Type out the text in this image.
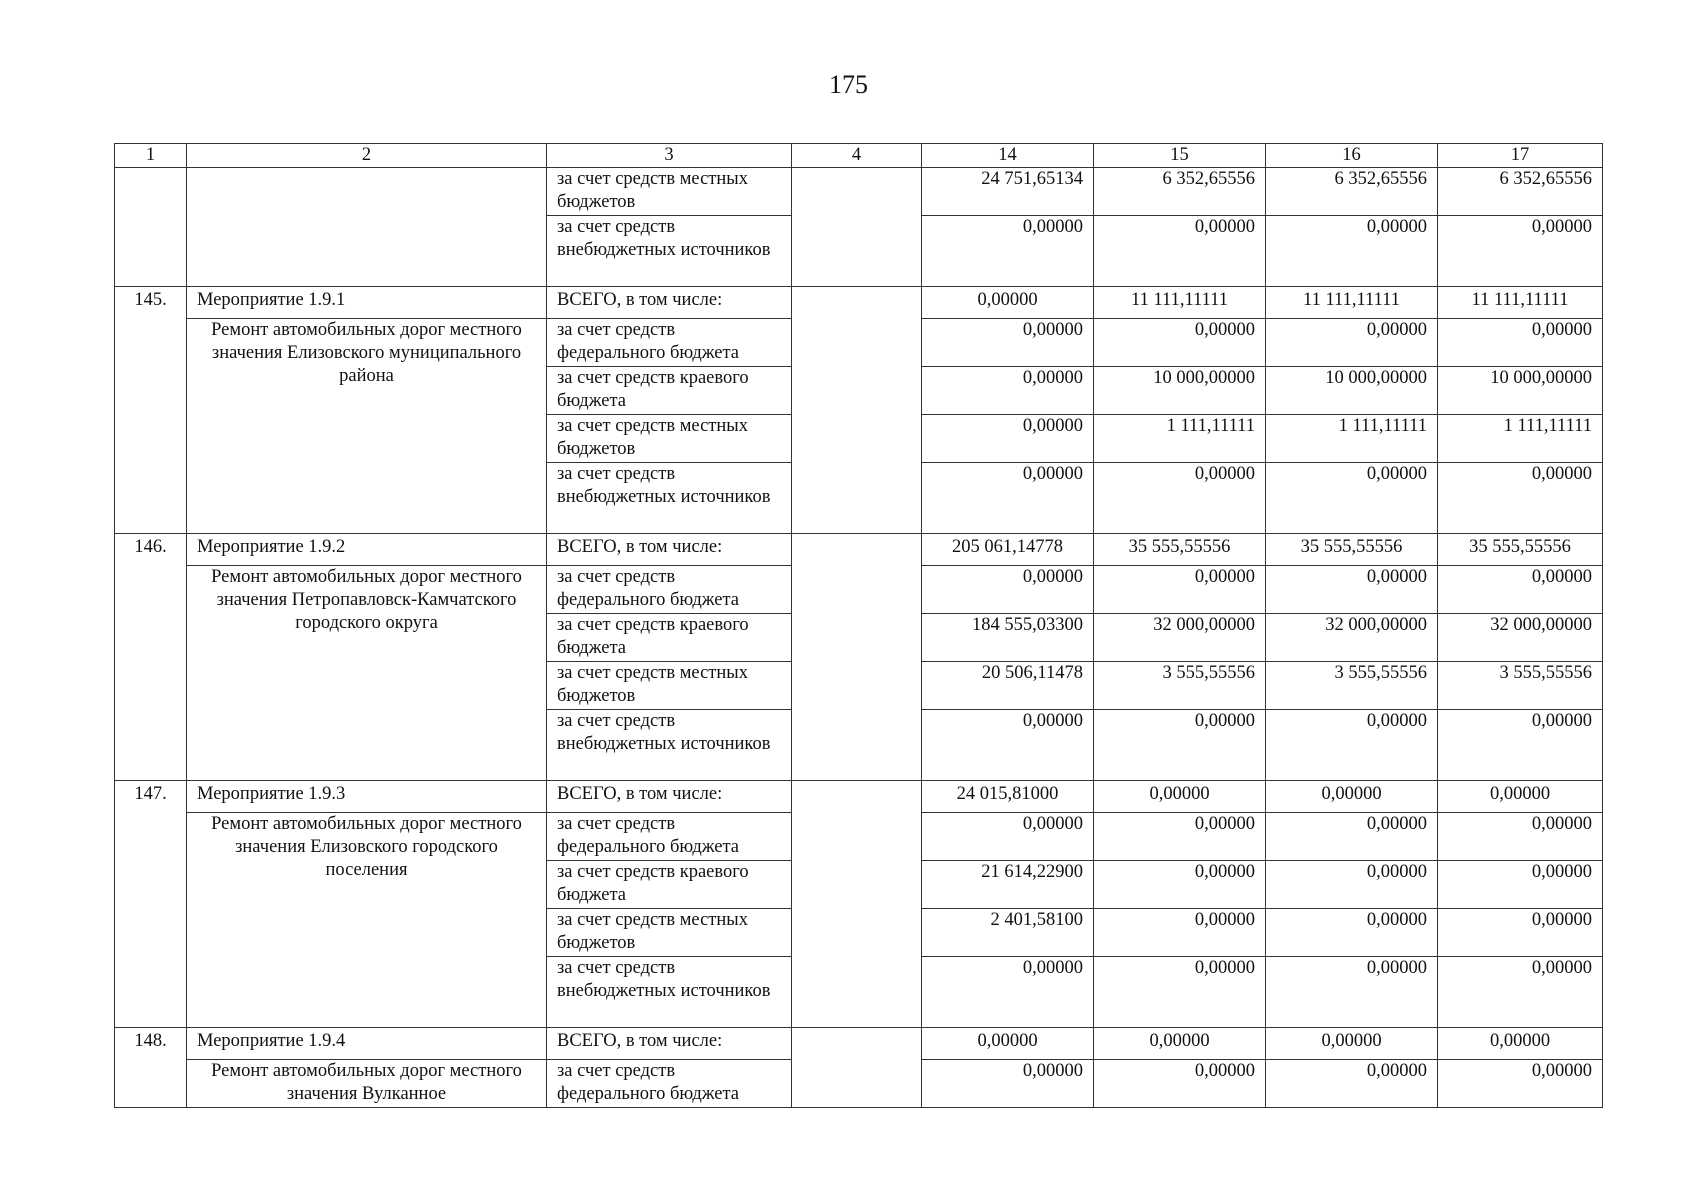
175
1	2	3	4	14	15	16	17
		за счет средств местных бюджетов		24 751,65134	6 352,65556	6 352,65556	6 352,65556
		за счет средств внебюджетных источников		0,00000	0,00000	0,00000	0,00000
145.	Мероприятие 1.9.1	ВСЕГО, в том числе:		0,00000	11 111,11111	11 111,11111	11 111,11111
	Ремонт автомобильных дорог местного значения Елизовского муниципального района	за счет средств федерального бюджета		0,00000	0,00000	0,00000	0,00000
		за счет средств краевого бюджета		0,00000	10 000,00000	10 000,00000	10 000,00000
		за счет средств местных бюджетов		0,00000	1 111,11111	1 111,11111	1 111,11111
		за счет средств внебюджетных источников		0,00000	0,00000	0,00000	0,00000
146.	Мероприятие 1.9.2	ВСЕГО, в том числе:		205 061,14778	35 555,55556	35 555,55556	35 555,55556
	Ремонт автомобильных дорог местного значения Петропавловск-Камчатского городского округа	за счет средств федерального бюджета		0,00000	0,00000	0,00000	0,00000
		за счет средств краевого бюджета		184 555,03300	32 000,00000	32 000,00000	32 000,00000
		за счет средств местных бюджетов		20 506,11478	3 555,55556	3 555,55556	3 555,55556
		за счет средств внебюджетных источников		0,00000	0,00000	0,00000	0,00000
147.	Мероприятие 1.9.3	ВСЕГО, в том числе:		24 015,81000	0,00000	0,00000	0,00000
	Ремонт автомобильных дорог местного значения Елизовского городского поселения	за счет средств федерального бюджета		0,00000	0,00000	0,00000	0,00000
		за счет средств краевого бюджета		21 614,22900	0,00000	0,00000	0,00000
		за счет средств местных бюджетов		2 401,58100	0,00000	0,00000	0,00000
		за счет средств внебюджетных источников		0,00000	0,00000	0,00000	0,00000
148.	Мероприятие 1.9.4	ВСЕГО, в том числе:		0,00000	0,00000	0,00000	0,00000
	Ремонт автомобильных дорог местного значения Вулканное	за счет средств федерального бюджета		0,00000	0,00000	0,00000	0,00000
